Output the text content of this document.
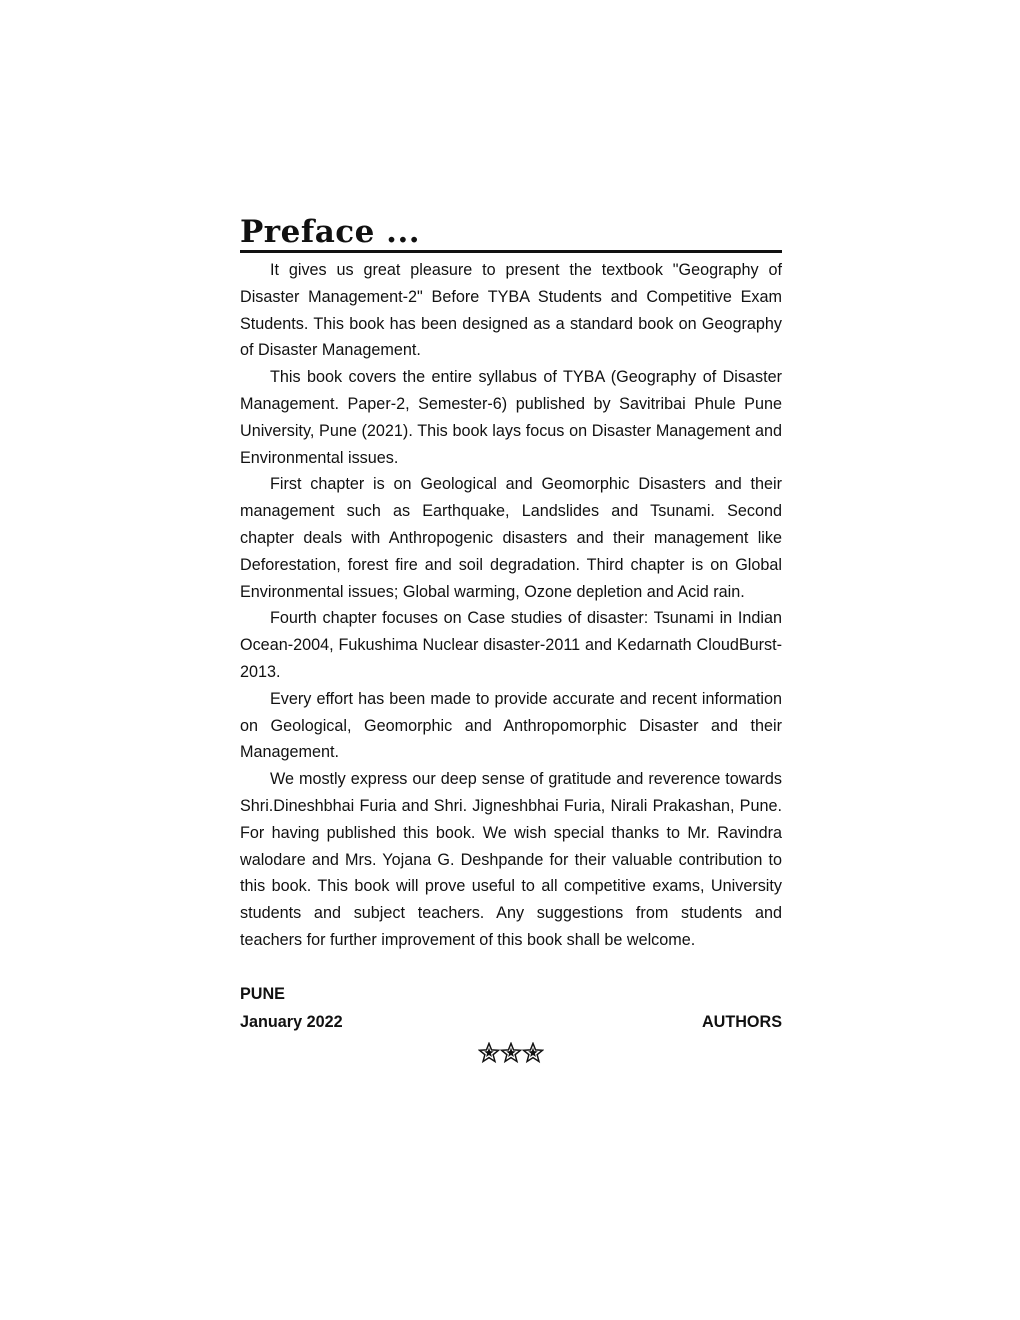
Preface ...

It gives us great pleasure to present the textbook "Geography of Disaster Management-2" Before TYBA Students and Competitive Exam Students. This book has been designed as a standard book on Geography of Disaster Management.

This book covers the entire syllabus of TYBA (Geography of Disaster Management. Paper-2, Semester-6) published by Savitribai Phule Pune University, Pune (2021). This book lays focus on Disaster Management and Environmental issues.

First chapter is on Geological and Geomorphic Disasters and their management such as Earthquake, Landslides and Tsunami. Second chapter deals with Anthropogenic disasters and their management like Deforestation, forest fire and soil degradation. Third chapter is on Global Environmental issues; Global warming, Ozone depletion and Acid rain.

Fourth chapter focuses on Case studies of disaster: Tsunami in Indian Ocean-2004, Fukushima Nuclear disaster-2011 and Kedarnath CloudBurst-2013.

Every effort has been made to provide accurate and recent information on Geological, Geomorphic and Anthropomorphic Disaster and their Management.

We mostly express our deep sense of gratitude and reverence towards Shri.Dineshbhai Furia and Shri. Jigneshbhai Furia, Nirali Prakashan, Pune. For having published this book. We wish special thanks to Mr. Ravindra walodare and Mrs. Yojana G. Deshpande for their valuable contribution to this book. This book will prove useful to all competitive exams, University students and subject teachers. Any suggestions from students and teachers for further improvement of this book shall be welcome.

PUNE
January 2022	AUTHORS
